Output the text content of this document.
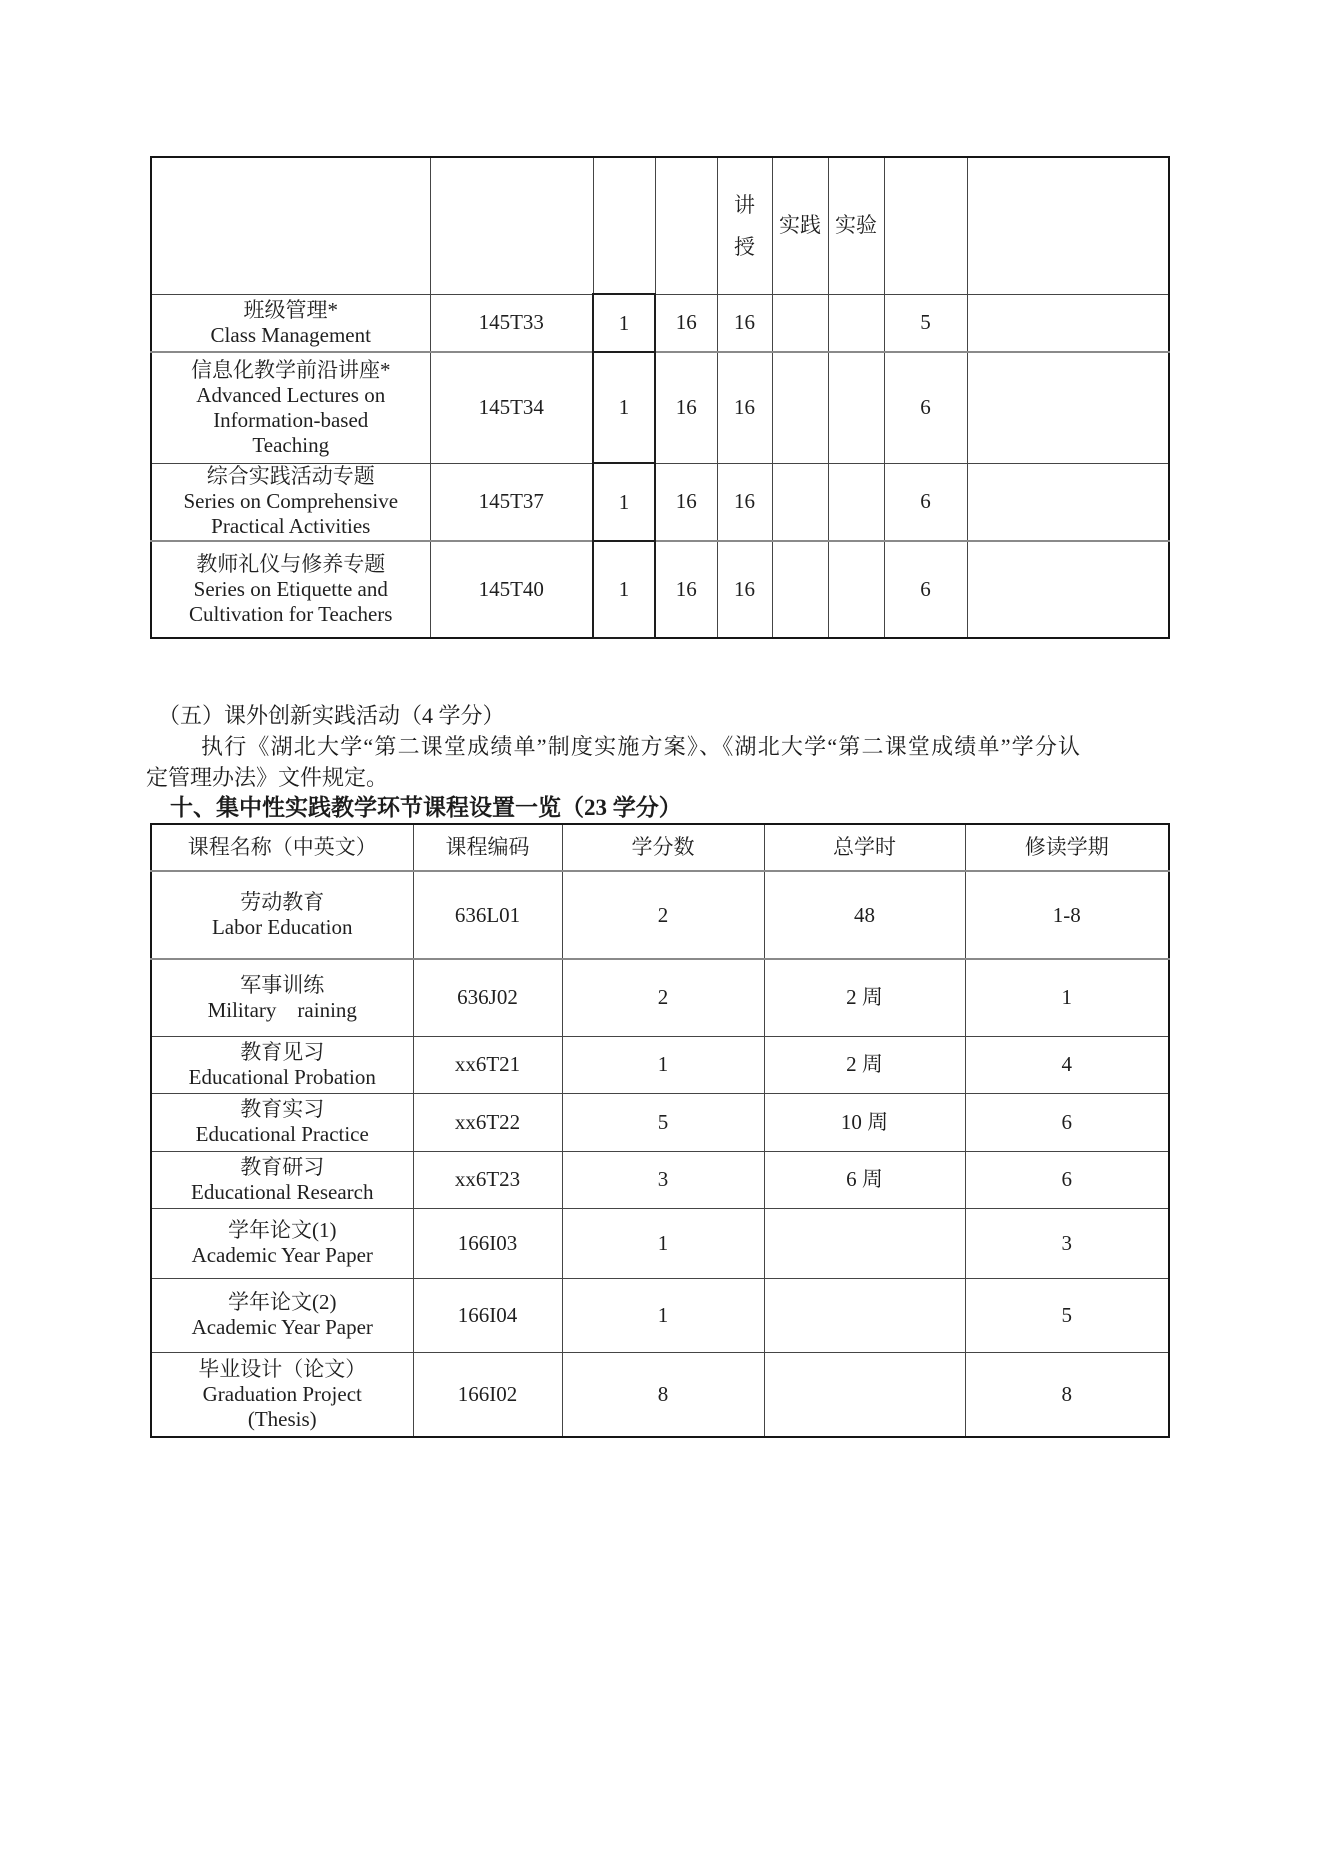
				讲授	实践	实验		

班级管理*
Class Management	145T33	1	16	16			5	

信息化教学前沿讲座*
Advanced Lectures on
Information-based
Teaching	145T34	1	16	16			6	

综合实践活动专题
Series on Comprehensive
Practical Activities	145T37	1	16	16			6	

教师礼仪与修养专题
Series on Etiquette and
Cultivation for Teachers	145T40	1	16	16			6	
（五）课外创新实践活动（4 学分）
执行《湖北大学“第二课堂成绩单”制度实施方案》、《湖北大学“第二课堂成绩单”学分认
定管理办法》文件规定。
十、集中性实践教学环节课程设置一览（23 学分）
课程名称（中英文）	课程编码	学分数	总学时	修读学期

劳动教育
Labor Education	636L01	2	48	1-8

军事训练
Military　raining	636J02	2	2 周	1

教育见习
Educational Probation	xx6T21	1	2 周	4

教育实习
Educational Practice	xx6T22	5	10 周	6

教育研习
Educational Research	xx6T23	3	6 周	6

学年论文(1)
Academic Year Paper	166I03	1		3

学年论文(2)
Academic Year Paper	166I04	1		5

毕业设计（论文）
Graduation Project
(Thesis)	166I02	8		8
